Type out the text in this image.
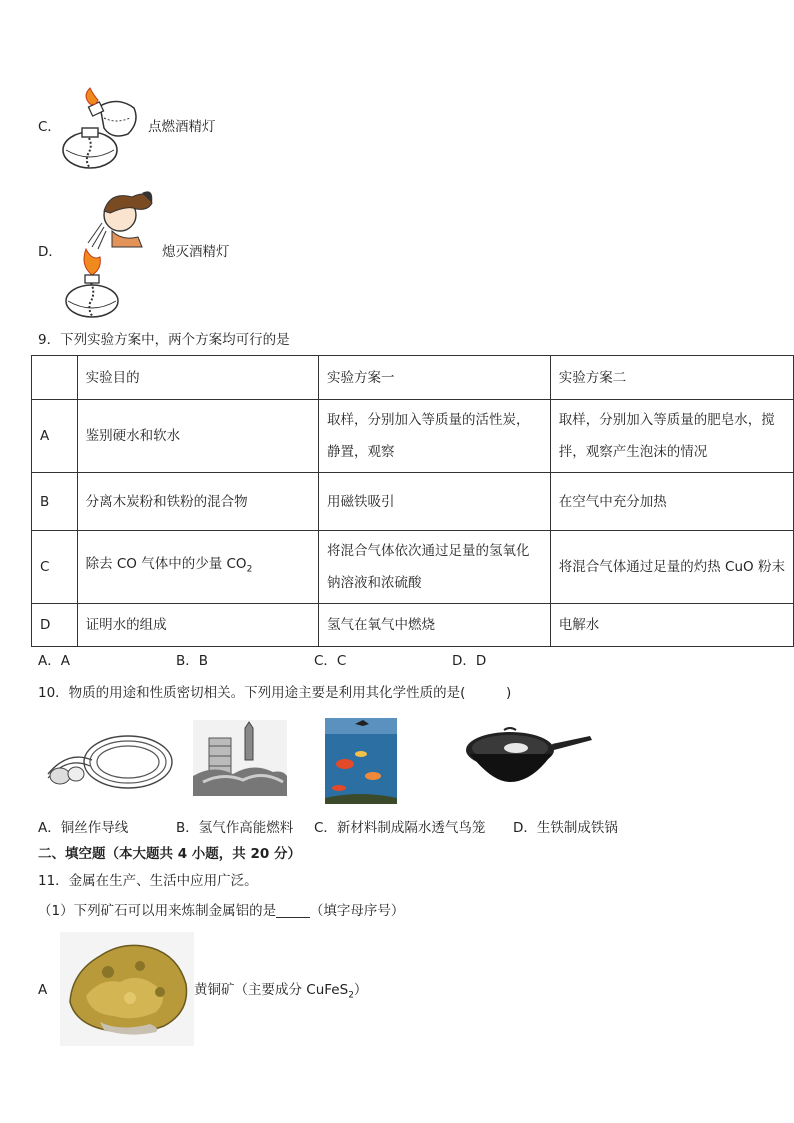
C．	点燃酒精灯
D．	熄灭酒精灯
9．下列实验方案中，两个方案均可行的是
	实验目的	实验方案一	实验方案二
A	鉴别硬水和软水	取样，分别加入等质量的活性炭，静置，观察	取样，分别加入等质量的肥皂水，搅拌，观察产生泡沫的情况
B	分离木炭粉和铁粉的混合物	用磁铁吸引	在空气中充分加热
C	除去 CO 气体中的少量 $CO_2$	将混合气体依次通过足量的氢氧化钠溶液和浓硫酸	将混合气体通过足量的灼热 CuO 粉末
D	证明水的组成	氢气在氧气中燃烧	电解水
A．A	B．B	C．C	D．D
10．物质的用途和性质密切相关。下列用途主要是利用其化学性质的是(　　　)
A．铜丝作导线	B．氢气作高能燃料 C．新材料制成隔水透气鸟笼 D．生铁制成铁锅
二、填空题（本大题共 4 小题，共 20 分）
11．金属在生产、生活中应用广泛。
（1）下列矿石可以用来炼制金属铝的是_____（填字母序号）
A	黄铜矿（主要成分 CuFeS$_2$）
